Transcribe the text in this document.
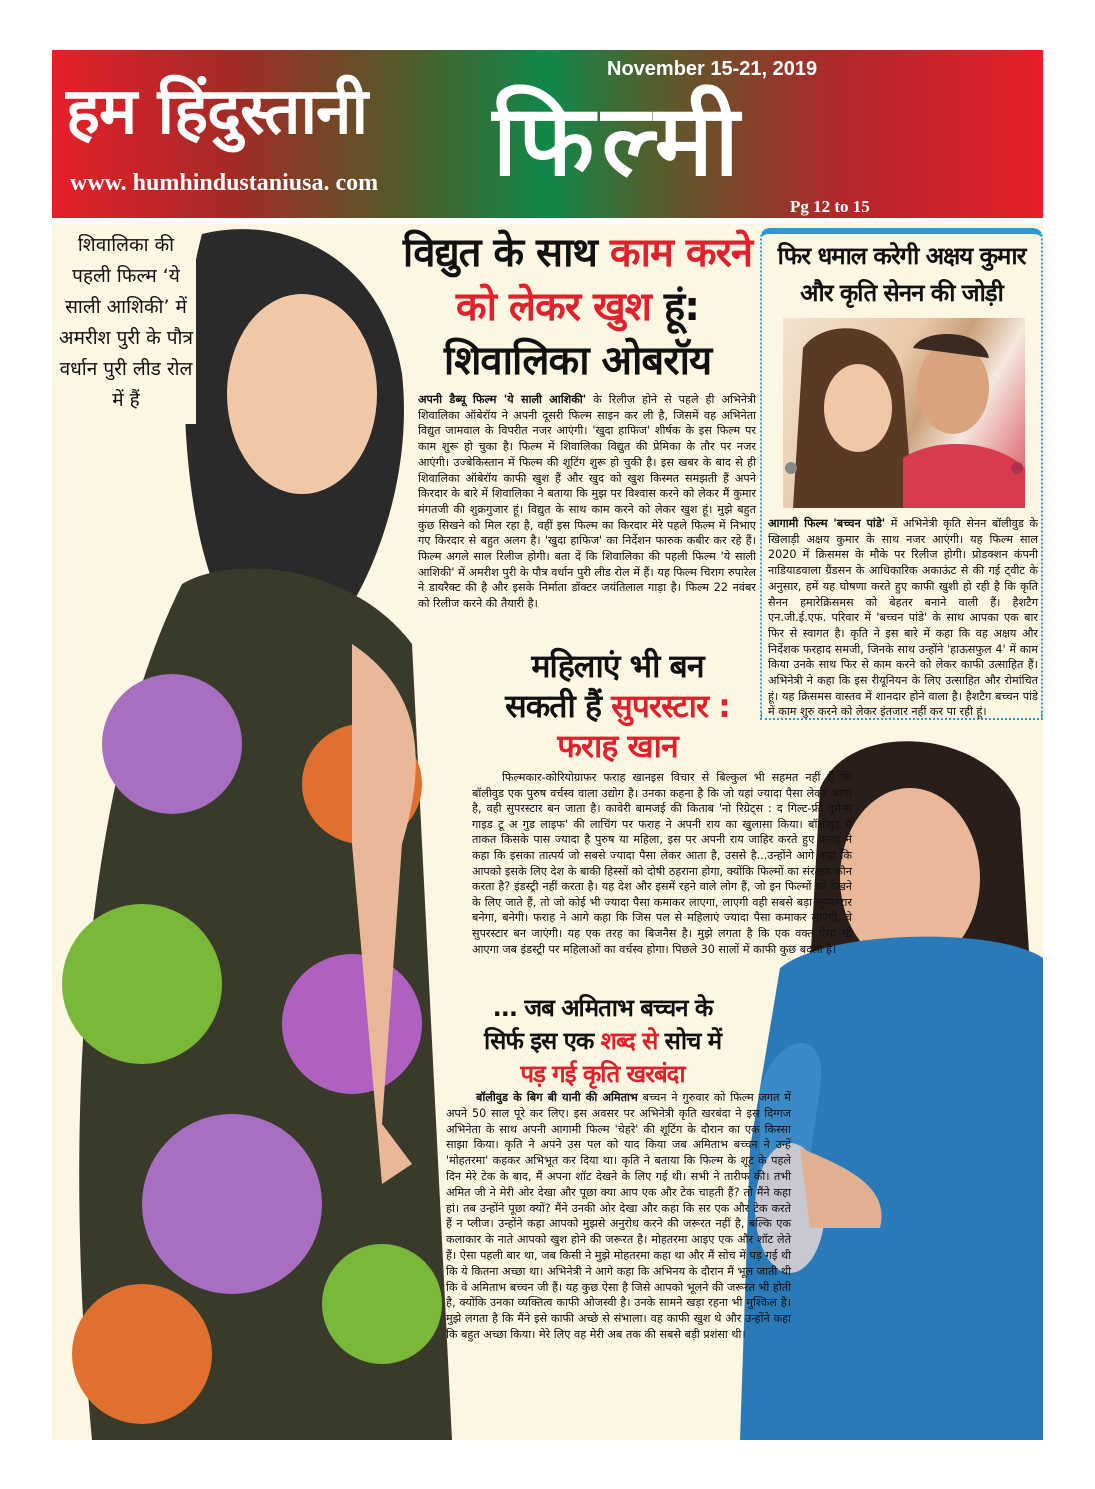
हम हिंदुस्तानी
www. humhindustaniusa. com फिल्मी
November 15-21, 2019
Pg 12 to 15
शिवालिका की पहली फिल्म ‘ये साली आशिकी’ में अमरीश पुरी के पौत्र वर्धान पुरी लीड रोल में हैं
विद्युत के साथ काम करने
को लेकर खुश हूं:
शिवालिका ओबरॉय
अपनी डैब्यू फिल्म 'ये साली आशिकी' के रिलीज होने से पहले ही अभिनेत्री शिवालिका ऑबेरॉय ने अपनी दूसरी फिल्म साइन कर ली है, जिसमें वह अभिनेता विद्युत जामवाल के विपरीत नजर आएंगी। 'खुदा हाफिज' शीर्षक के इस फिल्म पर काम शुरू हो चुका है। फिल्म में शिवालिका विद्युत की प्रेमिका के तौर पर नजर आएंगी। उज्बेकिस्तान में फिल्म की शूटिंग शुरू हो चुकी है। इस खबर के बाद से ही शिवालिका ऑबेरॉय काफी खुश हैं और खुद को खुश किस्मत समझती हैं अपने किरदार के बारे में शिवालिका ने बताया कि मुझ पर विश्वास करने को लेकर मैं कुमार मंगतजी की शुक्रगुजार हूं। विद्युत के साथ काम करने को लेकर खुश हूं। मुझे बहुत कुछ सिखने को मिल रहा है, वहीं इस फिल्म का किरदार मेरे पहले फिल्म में निभाए गए किरदार से बहुत अलग है। 'खुदा हाफिज' का निर्देशन फारुक कबीर कर रहे हैं। फिल्म अगले साल रिलीज होगी। बता दें कि शिवालिका की पहली फिल्म 'ये साली आशिकी' में अमरीश पुरी के पौत्र वर्धान पुरी लीड रोल में हैं। यह फिल्म चिराग रुपारेल ने डायरैक्ट की है और इसके निर्माता डॉक्टर जयंतिलाल गाड़ा है। फिल्म 22 नवंबर को रिलीज करने की तैयारी है।
फिर धमाल करेगी अक्षय कुमार और कृति सेनन की जोड़ी
आगामी फिल्म 'बच्चन पांडे' में अभिनेत्री कृति सेनन बॉलीवुड के खिलाड़ी अक्षय कुमार के साथ नजर आएंगी। यह फिल्म साल 2020 में क्रिसमस के मौके पर रिलीज होगी। प्रोडक्शन कंपनी नाडियाडवाला ग्रैंडसन के आधिकारिक अकाऊंट से की गई ट्वीट के अनुसार, हमें यह घोषणा करते हुए काफी खुशी हो रही है कि कृति सैनन हमारेक्रिसमस को बेहतर बनाने वाली हैं। हैशटैग एन.जी.ई.एफ. परिवार में 'बच्चन पांडे' के साथ आपका एक बार फिर से स्वागत है। कृति ने इस बारे में कहा कि वह अक्षय और निर्देशक फरहाद समजी, जिनके साथ उन्होंने 'हाऊसफुल 4' में काम किया उनके साथ फिर से काम करने को लेकर काफी उत्साहित हैं। अभिनेत्री ने कहा कि इस रीयूनियन के लिए उत्साहित और रोमांचित हूं। यह क्रिसमस वास्तव में शानदार होने वाला है। हैशटैग बच्चन पांडे में काम शुरु करने को लेकर इंतजार नहीं कर पा रही हूं।
महिलाएं भी बन
सकती हैं सुपरस्टार :
फराह खान
फिल्मकार-कोरियोग्राफर फराह खानइस विचार से बिल्कुल भी सहमत नहीं हैं कि बॉलीवुड एक पुरुष वर्चस्व वाला उद्योग है। उनका कहना है कि जो यहां ज्यादा पैसा लेकर आता है, वही सुपरस्टार बन जाता है। कावेरी बामजई की किताब 'नो रिग्रेट्स : द गिल्ट-फ्री वूमेन्स गाइड टू अ गुड लाइफ' की लाचिंग पर फराह ने अपनी राय का खुलासा किया। बॉलीवुड में ताकत किसके पास ज्यादा है पुरुष या महिला, इस पर अपनी राय जाहिर करते हुए फराह ने कहा कि इसका तात्पर्य जो सबसे ज्यादा पैसा लेकर आता है, उससे है...उन्होंने आगे कहा कि आपको इसके लिए देश के बाकी हिस्सों को दोषी ठहराना होगा, क्योंकि फिल्मों का संरक्षण कौन करता है? इंडस्ट्री नहीं करता है। यह देश और इसमें रहने वाले लोग हैं, जो इन फिल्मों को देखने के लिए जाते हैं, तो जो कोई भी ज्यादा पैसा कमाकर लाएगा, लाएगी वही सबसे बड़ा सुपरस्टार बनेगा, बनेगी। फराह ने आगे कहा कि जिस पल से महिलाएं ज्यादा पैसा कमाकर लाएंगी, वे सुपरस्टार बन जाएंगी। यह एक तरह का बिजनैस है। मुझे लगता है कि एक वक्त ऐसा भी आएगा जब इंडस्ट्री पर महिलाओं का वर्चस्व होगा। पिछले 30 सालों में काफी कुछ बदला है।
... जब अमिताभ बच्चन के
सिर्फ इस एक शब्द से सोच में
पड़ गई कृति खरबंदा
बॉलीवुड के बिग बी यानी की अमिताभ बच्चन ने गुरुवार को फिल्म जगत में अपने 50 साल पूरे कर लिए। इस अवसर पर अभिनेत्री कृति खरबंदा ने इस दिग्गज अभिनेता के साथ अपनी आगामी फिल्म 'चेहरे' की शूटिंग के दौरान का एक किस्सा साझा किया। कृति ने अपने उस पल को याद किया जब अमिताभ बच्चन ने उन्हें 'मोहतरमा' कहकर अभिभूत कर दिया था। कृति ने बताया कि फिल्म के शूट के पहले दिन मेरे टेक के बाद, मैं अपना शॉट देखने के लिए गई थी। सभी ने तारीफ की। तभी अमित जी ने मेरी ओर देखा और पूछा क्या आप एक और टेक चाहती हैं? तो मैंने कहा हां। तब उन्होंने पूछा क्यों? मैंने उनकी ओर देखा और कहा कि सर एक और टेक करते हैं न प्लीज। उन्होंने कहा आपको मुझसे अनुरोध करने की जरूरत नहीं है, बल्कि एक कलाकार के नाते आपको खुश होने की जरूरत है। मोहतरमा आइए एक और शॉट लेते हैं। ऐसा पहली बार था, जब किसी ने मुझे मोहतरमा कहा था और मैं सोच में पड़ गई थी कि ये कितना अच्छा था। अभिनेत्री ने आगे कहा कि अभिनय के दौरान मैं भूल जाती थी कि वे अमिताभ बच्चन जी हैं। यह कुछ ऐसा है जिसे आपको भूलने की जरूरत भी होती है, क्योंकि उनका व्यक्तित्व काफी ओजस्वी है। उनके सामने खड़ा रहना भी मुश्किल है। मुझे लगता है कि मैंने इसे काफी अच्छे से संभाला। वह काफी खुश थे और उन्होंने कहा कि बहुत अच्छा किया। मेरे लिए वह मेरी अब तक की सबसे बड़ी प्रशंसा थी।
